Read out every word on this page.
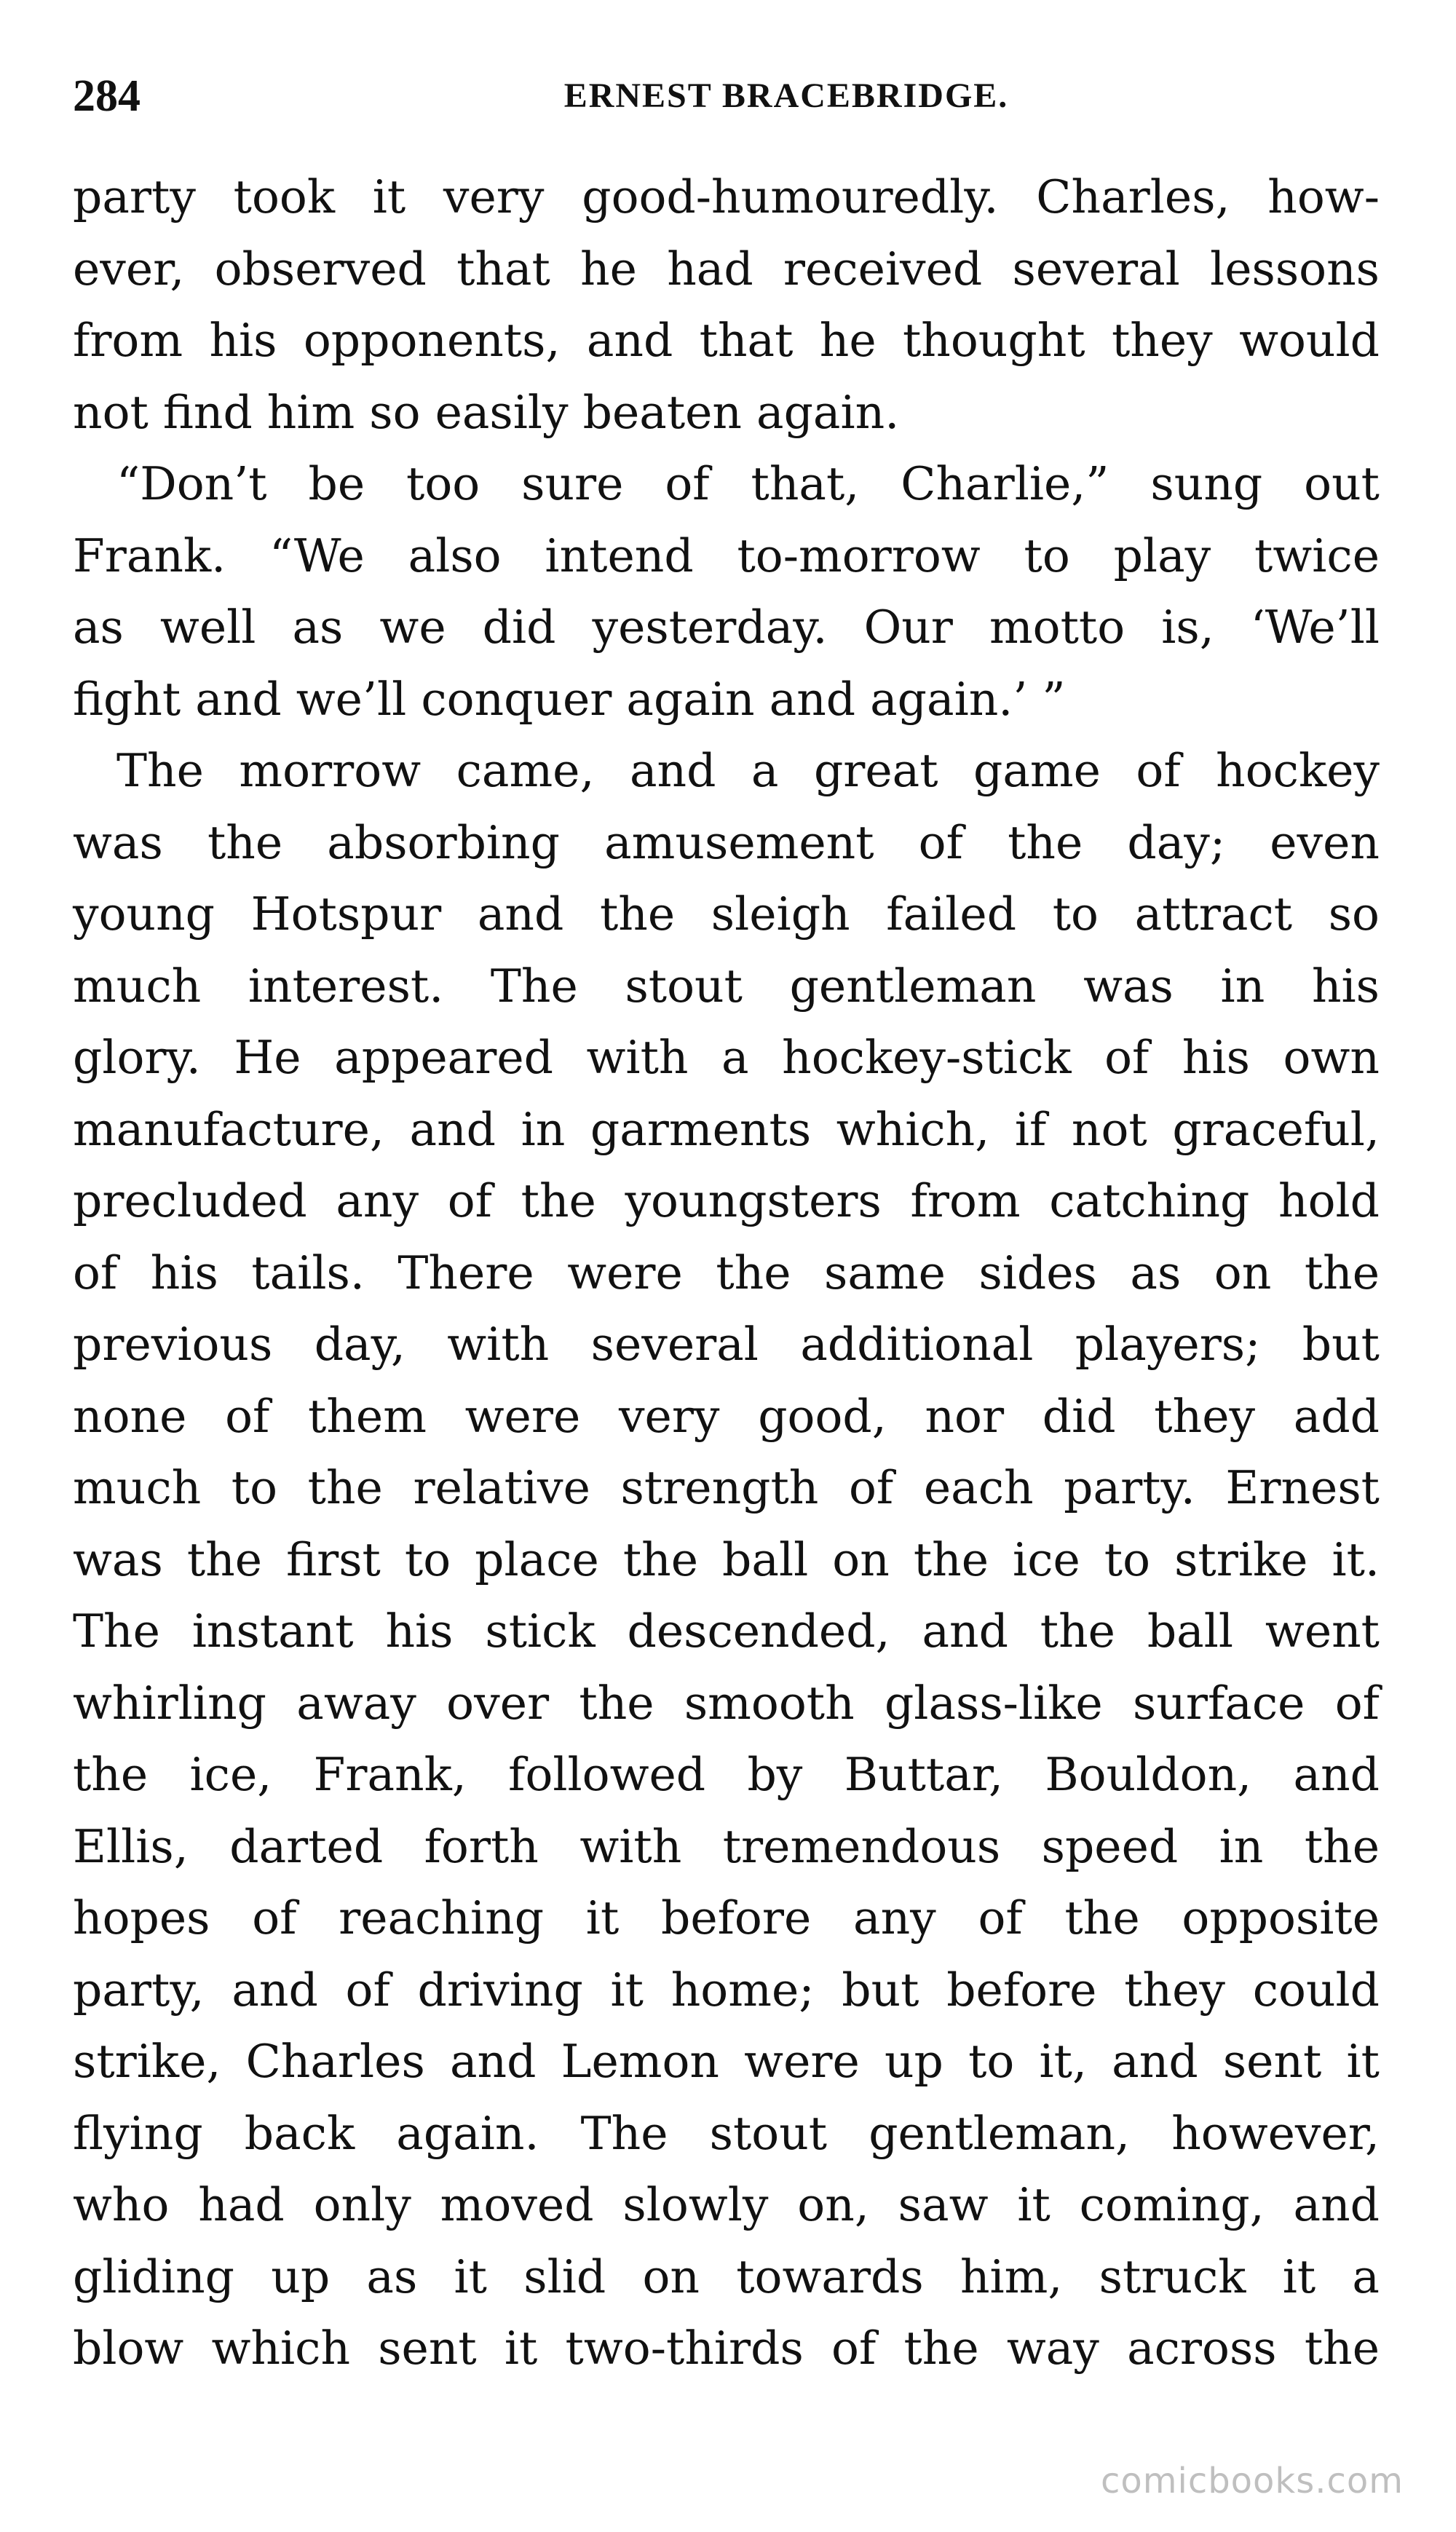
284	ERNEST BRACEBRIDGE.
party took it very good-humouredly. Charles, how-
ever, observed that he had received several lessons
from his opponents, and that he thought they would
not find him so easily beaten again.
“Don’t be too sure of that, Charlie,” sung out
Frank. “We also intend to-morrow to play twice
as well as we did yesterday. Our motto is, ‘We’ll
fight and we’ll conquer again and again.’ ”
The morrow came, and a great game of hockey
was the absorbing amusement of the day; even
young Hotspur and the sleigh failed to attract so
much interest. The stout gentleman was in his
glory. He appeared with a hockey-stick of his own
manufacture, and in garments which, if not graceful,
precluded any of the youngsters from catching hold
of his tails. There were the same sides as on the
previous day, with several additional players; but
none of them were very good, nor did they add
much to the relative strength of each party. Ernest
was the first to place the ball on the ice to strike it.
The instant his stick descended, and the ball went
whirling away over the smooth glass-like surface of
the ice, Frank, followed by Buttar, Bouldon, and
Ellis, darted forth with tremendous speed in the
hopes of reaching it before any of the opposite
party, and of driving it home; but before they could
strike, Charles and Lemon were up to it, and sent it
flying back again. The stout gentleman, however,
who had only moved slowly on, saw it coming, and
gliding up as it slid on towards him, struck it a
blow which sent it two-thirds of the way across the
comicbooks.com
